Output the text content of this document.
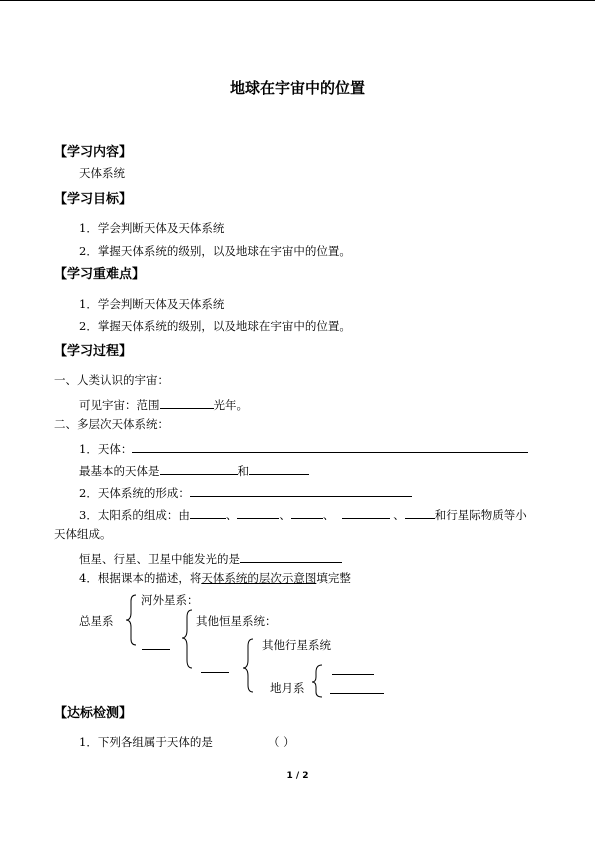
地球在宇宙中的位置
【学习内容】
天体系统
【学习目标】
1．学会判断天体及天体系统
2．掌握天体系统的级别，以及地球在宇宙中的位置。
【学习重难点】
1．学会判断天体及天体系统
2．掌握天体系统的级别，以及地球在宇宙中的位置。
【学习过程】
一、人类认识的宇宙：
可见宇宙：范围	光年。
二、多层次天体系统：
1．天体：
最基本的天体是	和
2．天体系统的形成：
3．太阳系的组成：由	、	、	、	、	和行星际物质等小
天体组成。
恒星、行星、卫星中能发光的是
4．根据课本的描述，将天体系统的层次示意图填完整
总星系
河外星系：
其他恒星系统：
其他行星系统
地月系
【达标检测】
1．下列各组属于天体的是	（ ）
1 / 2
